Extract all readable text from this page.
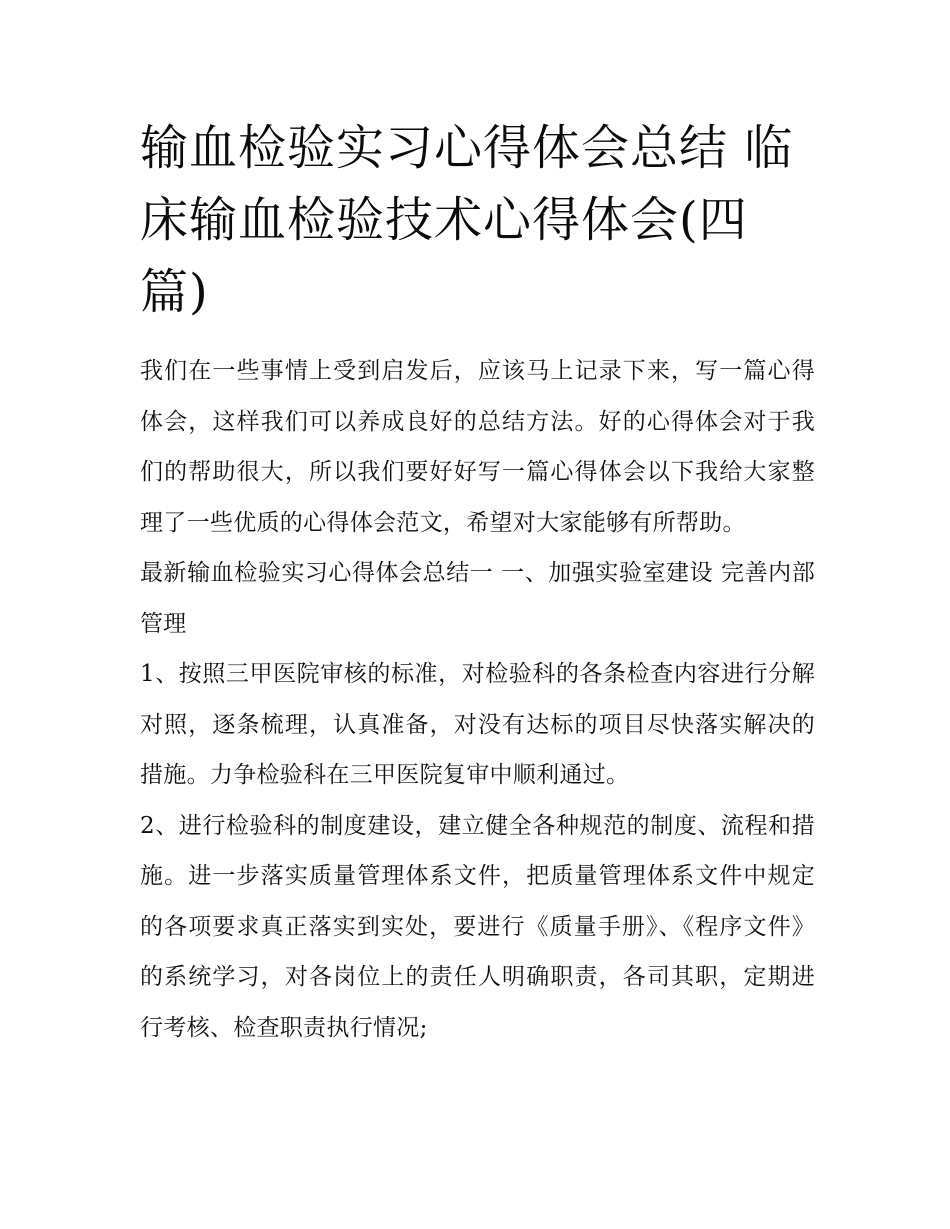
输血检验实习心得体会总结 临床输血检验技术心得体会(四篇)

我们在一些事情上受到启发后，应该马上记录下来，写一篇心得体会，这样我们可以养成良好的总结方法。好的心得体会对于我们的帮助很大，所以我们要好好写一篇心得体会以下我给大家整理了一些优质的心得体会范文，希望对大家能够有所帮助。

最新输血检验实习心得体会总结一 一、加强实验室建设 完善内部管理

1、按照三甲医院审核的标准，对检验科的各条检查内容进行分解对照，逐条梳理，认真准备，对没有达标的项目尽快落实解决的措施。力争检验科在三甲医院复审中顺利通过。

2、进行检验科的制度建设，建立健全各种规范的制度、流程和措施。进一步落实质量管理体系文件，把质量管理体系文件中规定的各项要求真正落实到实处，要进行《质量手册》、《程序文件》的系统学习，对各岗位上的责任人明确职责，各司其职，定期进行考核、检查职责执行情况;
